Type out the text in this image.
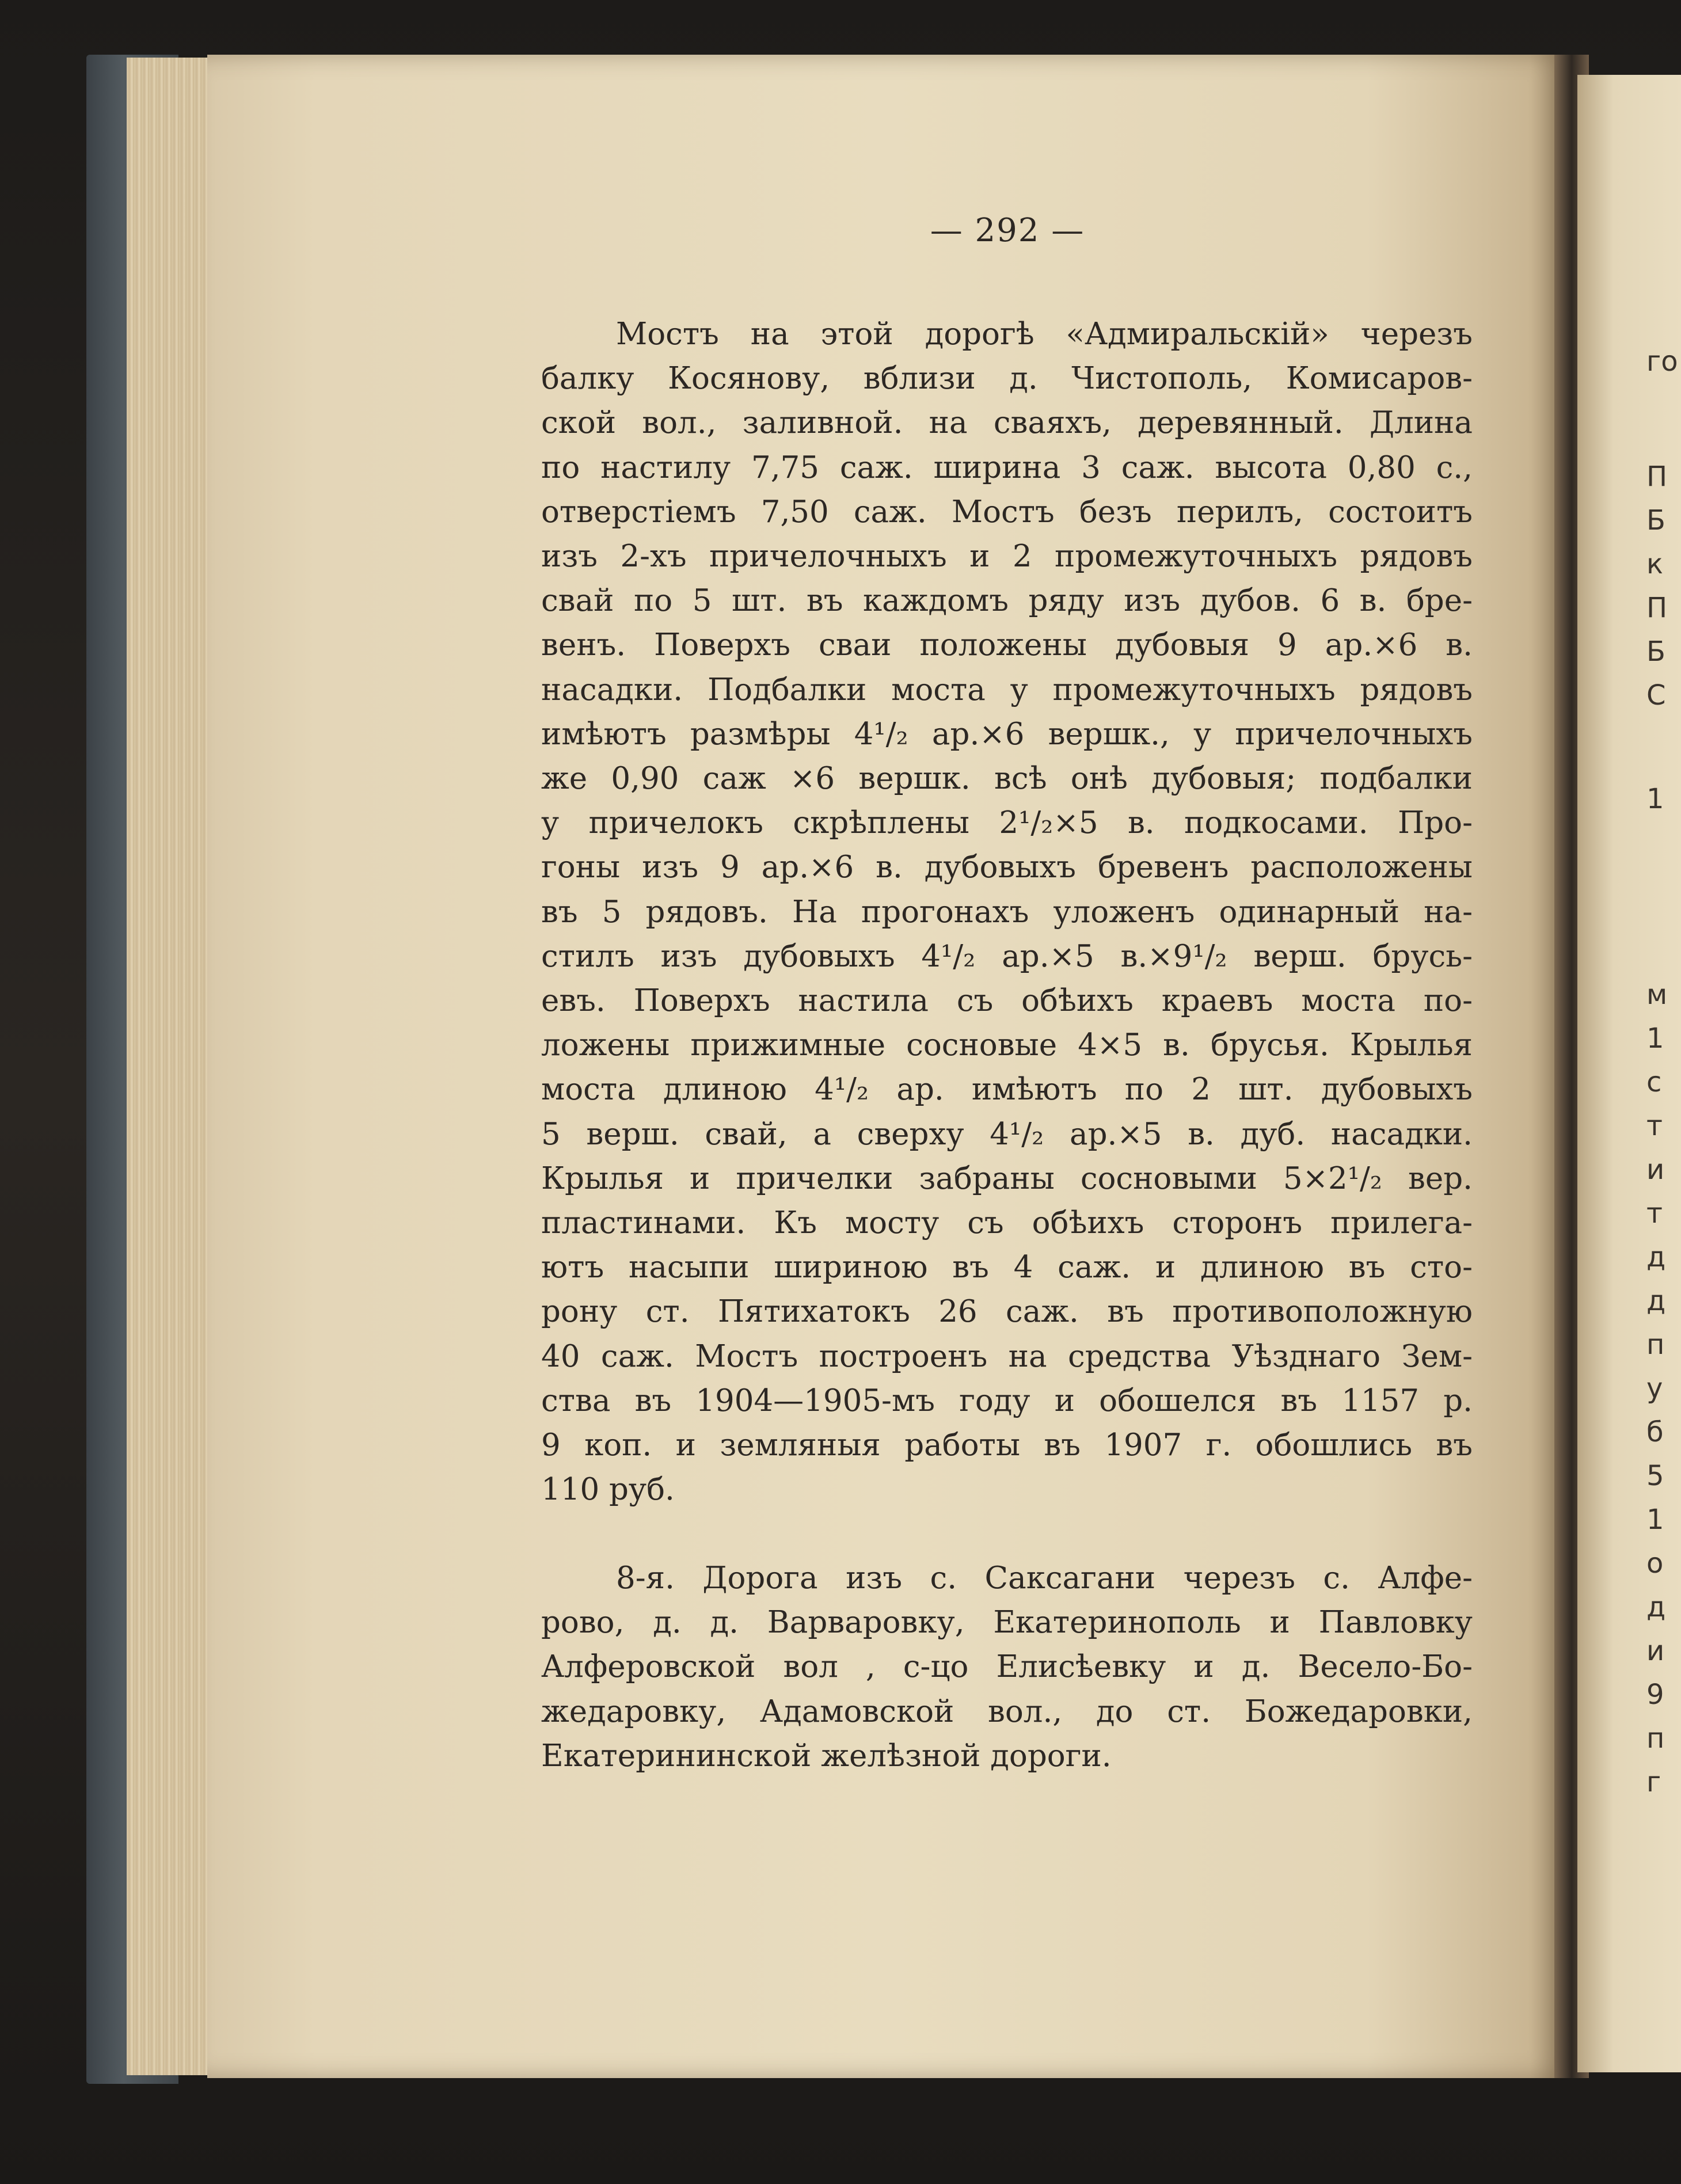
— 292 —
Мостъ на этой дорогѣ «Адмиральскiй» черезъ
балку Косянову, вблизи д. Чистополь, Комисаров-
ской вол., заливной. на сваяхъ, деревянный. Длина
по настилу 7,75 саж. ширина 3 саж. высота 0,80 с.,
отверстiемъ 7,50 саж. Мостъ безъ перилъ, состоитъ
изъ 2-хъ причелочныхъ и 2 промежуточныхъ рядовъ
свай по 5 шт. въ каждомъ ряду изъ дубов. 6 в. бре-
венъ. Поверхъ сваи положены дубовыя 9 ар.×6 в.
насадки. Подбалки моста у промежуточныхъ рядовъ
имѣютъ размѣры 4¹/₂ ар.×6 вершк., у причелочныхъ
же 0,90 саж ×6 вершк. всѣ онѣ дубовыя; подбалки
у причелокъ скрѣплены 2¹/₂×5 в. подкосами. Про-
гоны изъ 9 ар.×6 в. дубовыхъ бревенъ расположены
въ 5 рядовъ. На прогонахъ уложенъ одинарный на-
стилъ изъ дубовыхъ 4¹/₂ ар.×5 в.×9¹/₂ верш. брусь-
евъ. Поверхъ настила съ обѣихъ краевъ моста по-
ложены прижимные сосновые 4×5 в. брусья. Крылья
моста длиною 4¹/₂ ар. имѣютъ по 2 шт. дубовыхъ
5 верш. свай, а сверху 4¹/₂ ар.×5 в. дуб. насадки.
Крылья и причелки забраны сосновыми 5×2¹/₂ вер.
пластинами. Къ мосту съ обѣихъ сторонъ прилега-
ютъ насыпи шириною въ 4 саж. и длиною въ сто-
рону ст. Пятихатокъ 26 саж. въ противоположную
40 саж. Мостъ построенъ на средства Уѣзднаго Зем-
ства въ 1904—1905-мъ году и обошелся въ 1157 р.
9 коп. и земляныя работы въ 1907 г. обошлись въ
110 руб.
8-я. Дорога изъ с. Саксагани черезъ с. Алфе-
рово, д. д. Варваровку, Екатеринополь и Павловку
Алферовской вол , с-цо Елисѣевку и д. Весело-Бо-
жедаровку, Адамовской вол., до ст. Божедаровки,
Екатерининской желѣзной дороги.
го
П
Б
к
П
Б
С
1
м
1
с
т
и
т
д
д
п
у
б
5
1
о
д
и
9
п
г
